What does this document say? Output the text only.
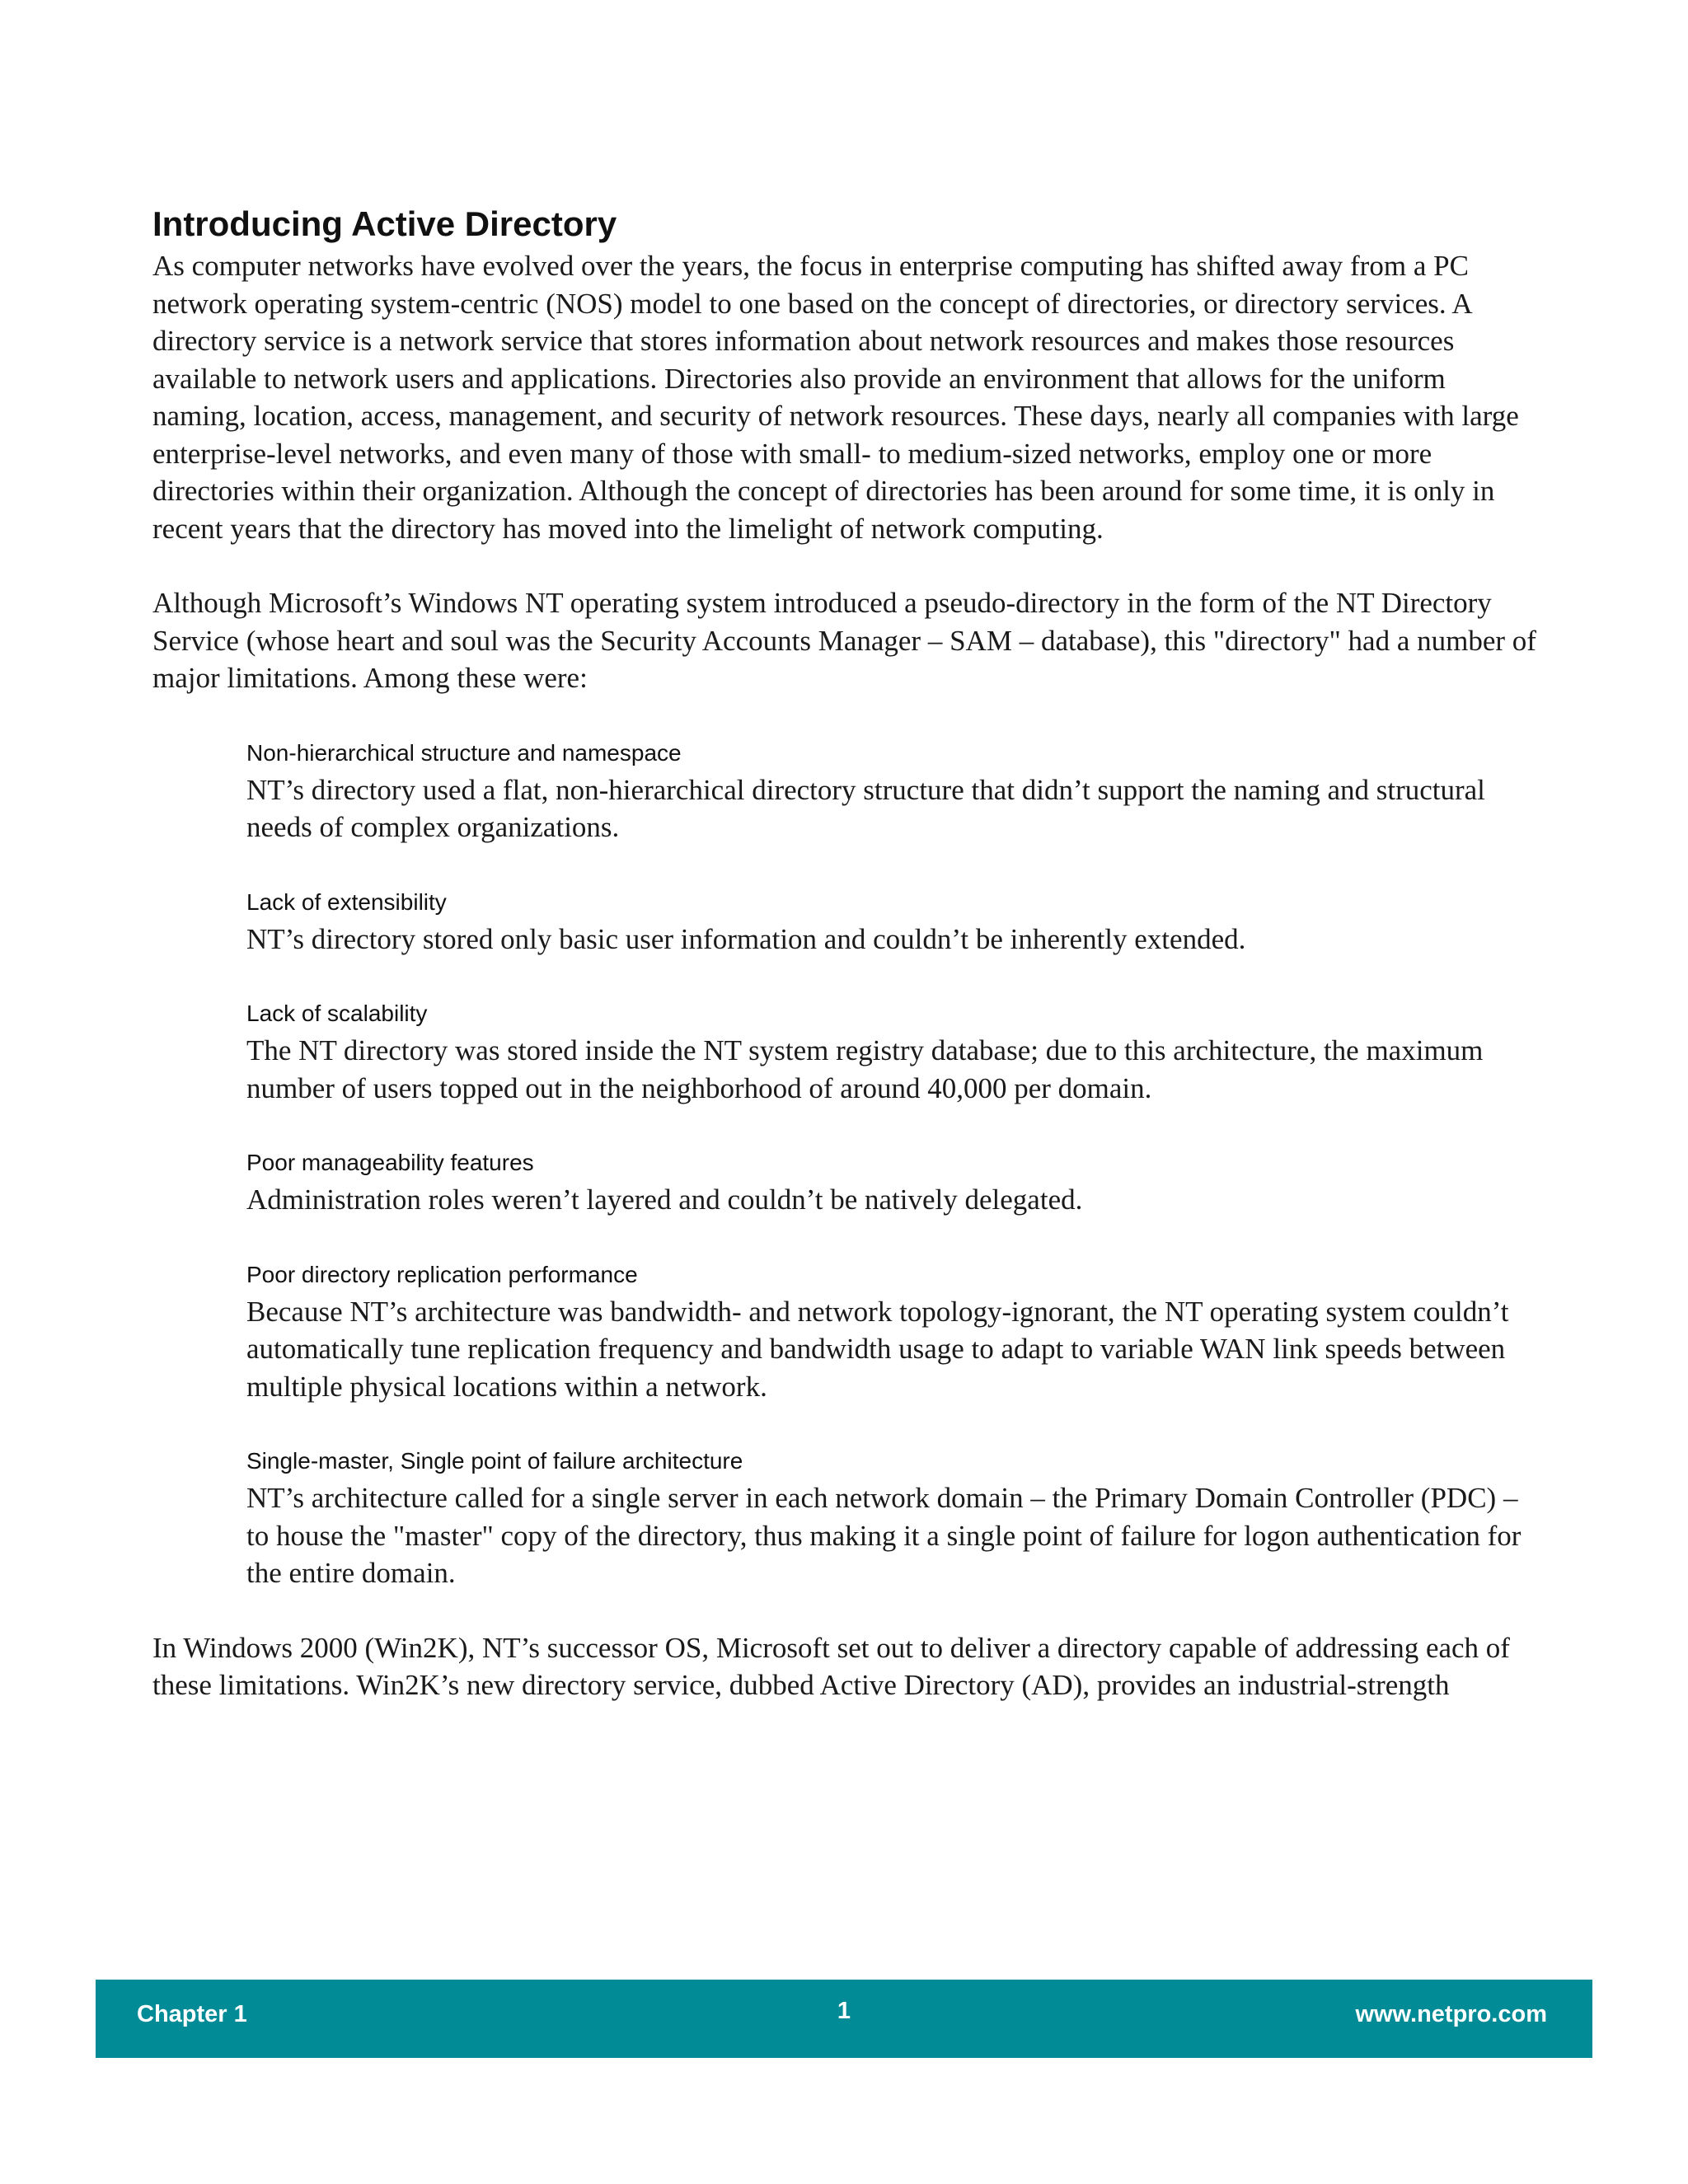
Introducing Active Directory

As computer networks have evolved over the years, the focus in enterprise computing has shifted away from a PC network operating system-centric (NOS) model to one based on the concept of directories, or directory services. A directory service is a network service that stores information about network resources and makes those resources available to network users and applications. Directories also provide an environment that allows for the uniform naming, location, access, management, and security of network resources. These days, nearly all companies with large enterprise-level networks, and even many of those with small- to medium-sized networks, employ one or more directories within their organization. Although the concept of directories has been around for some time, it is only in recent years that the directory has moved into the limelight of network computing.

Although Microsoft’s Windows NT operating system introduced a pseudo-directory in the form of the NT Directory Service (whose heart and soul was the Security Accounts Manager – SAM – database), this "directory" had a number of major limitations. Among these were:

Non-hierarchical structure and namespace

NT’s directory used a flat, non-hierarchical directory structure that didn’t support the naming and structural needs of complex organizations.

Lack of extensibility

NT’s directory stored only basic user information and couldn’t be inherently extended.

Lack of scalability

The NT directory was stored inside the NT system registry database; due to this architecture, the maximum number of users topped out in the neighborhood of around 40,000 per domain.

Poor manageability features

Administration roles weren’t layered and couldn’t be natively delegated.

Poor directory replication performance

Because NT’s architecture was bandwidth- and network topology-ignorant, the NT operating system couldn’t automatically tune replication frequency and bandwidth usage to adapt to variable WAN link speeds between multiple physical locations within a network.

Single-master, Single point of failure architecture

NT’s architecture called for a single server in each network domain – the Primary Domain Controller (PDC) – to house the "master" copy of the directory, thus making it a single point of failure for logon authentication for the entire domain.

In Windows 2000 (Win2K), NT’s successor OS, Microsoft set out to deliver a directory capable of addressing each of these limitations. Win2K’s new directory service, dubbed Active Directory (AD), provides an industrial-strength

Chapter 1	1	www.netpro.com
